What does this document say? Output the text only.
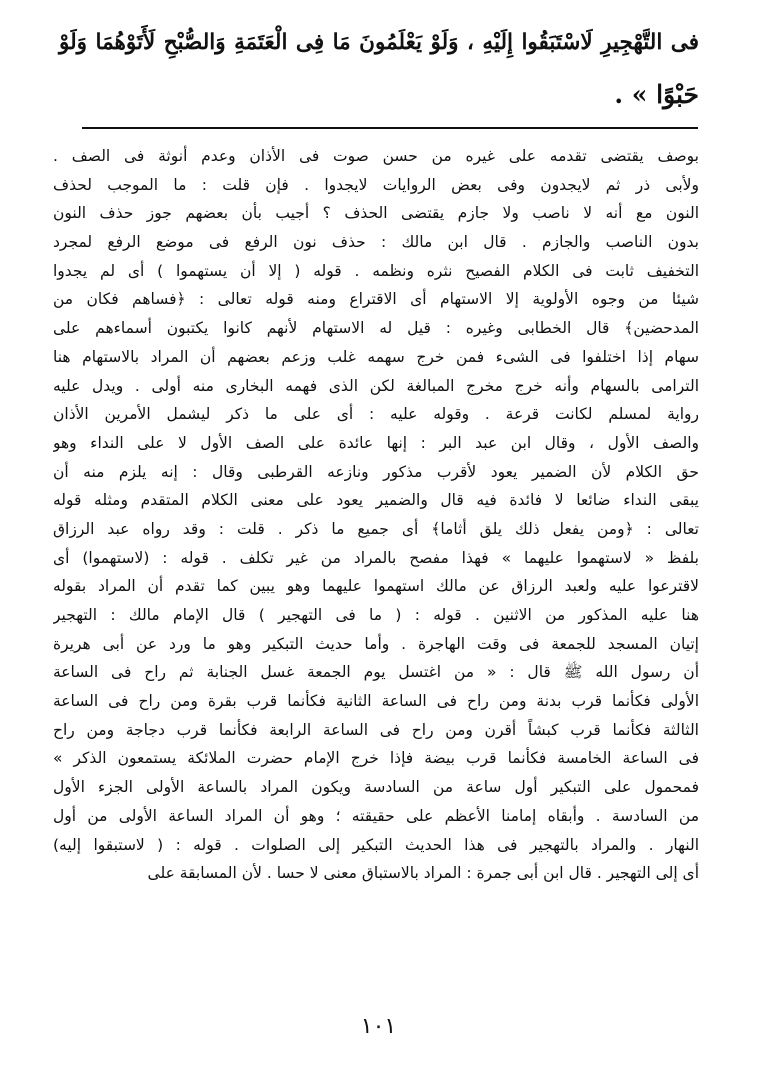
فى التَّهْجِيرِ لَاسْتَبَقُوا إِلَيْهِ ، وَلَوْ يَعْلَمُونَ مَا فِى الْعَتَمَةِ وَالصُّبْحِ لَأَتَوْهُمَا وَلَوْ
حَبْوًا » .
بوصف يقتضى تقدمه على غيره من حسن صوت فى الأذان وعدم أنوثة فى الصف .
ولأبى ذر ثم لايجدون وفى بعض الروايات لايجدوا . فإن قلت : ما الموجب لحذف
النون مع أنه لا ناصب ولا جازم يقتضى الحذف ؟ أجيب بأن بعضهم جوز حذف النون
بدون الناصب والجازم . قال ابن مالك : حذف نون الرفع فى موضع الرفع لمجرد
التخفيف ثابت فى الكلام الفصيح نثره ونظمه . قوله ( إلا أن يستهموا ) أى لم يجدوا
شيئا من وجوه الأولوية إلا الاستهام أى الاقتراع ومنه قوله تعالى : ﴿فساهم فكان من
المدحضين﴾ قال الخطابى وغيره : قيل له الاستهام لأنهم كانوا يكتبون أسماءهم على
سهام إذا اختلفوا فى الشىء فمن خرج سهمه غلب وزعم بعضهم أن المراد بالاستهام هنا
الترامى بالسهام وأنه خرج مخرج المبالغة لكن الذى فهمه البخارى منه أولى . ويدل عليه
رواية لمسلم لكانت قرعة . وقوله عليه : أى على ما ذكر ليشمل الأمرين الأذان
والصف الأول ، وقال ابن عبد البر : إنها عائدة على الصف الأول لا على النداء وهو
حق الكلام لأن الضمير يعود لأقرب مذكور ونازعه القرطبى وقال : إنه يلزم منه أن
يبقى النداء ضائعا لا فائدة فيه قال والضمير يعود على معنى الكلام المتقدم ومثله قوله
تعالى : ﴿ومن يفعل ذلك يلق أثاما﴾ أى جميع ما ذكر . قلت : وقد رواه عبد الرزاق
بلفظ « لاستهموا عليهما » فهذا مفصح بالمراد من غير تكلف . قوله : (لاستهموا) أى
لاقترعوا عليه ولعبد الرزاق عن مالك استهموا عليهما وهو يبين كما تقدم أن المراد بقوله
هنا عليه المذكور من الاثنين . قوله : ( ما فى التهجير ) قال الإمام مالك : التهجير
إتيان المسجد للجمعة فى وقت الهاجرة . وأما حديث التبكير وهو ما ورد عن أبى هريرة
أن رسول الله ﷺ قال : « من اغتسل يوم الجمعة غسل الجنابة ثم راح فى الساعة
الأولى فكأنما قرب بدنة ومن راح فى الساعة الثانية فكأنما قرب بقرة ومن راح فى الساعة
الثالثة فكأنما قرب كبشاً أقرن ومن راح فى الساعة الرابعة فكأنما قرب دجاجة ومن راح
فى الساعة الخامسة فكأنما قرب بيضة فإذا خرج الإمام حضرت الملائكة يستمعون الذكر »
فمحمول على التبكير أول ساعة من السادسة ويكون المراد بالساعة الأولى الجزء الأول
من السادسة . وأبقاه إمامنا الأعظم على حقيقته ؛ وهو أن المراد الساعة الأولى من أول
النهار . والمراد بالتهجير فى هذا الحديث التبكير إلى الصلوات . قوله : ( لاستبقوا إليه)
أى إلى التهجير . قال ابن أبى جمرة : المراد بالاستباق معنى لا حسا . لأن المسابقة على
١٠١
